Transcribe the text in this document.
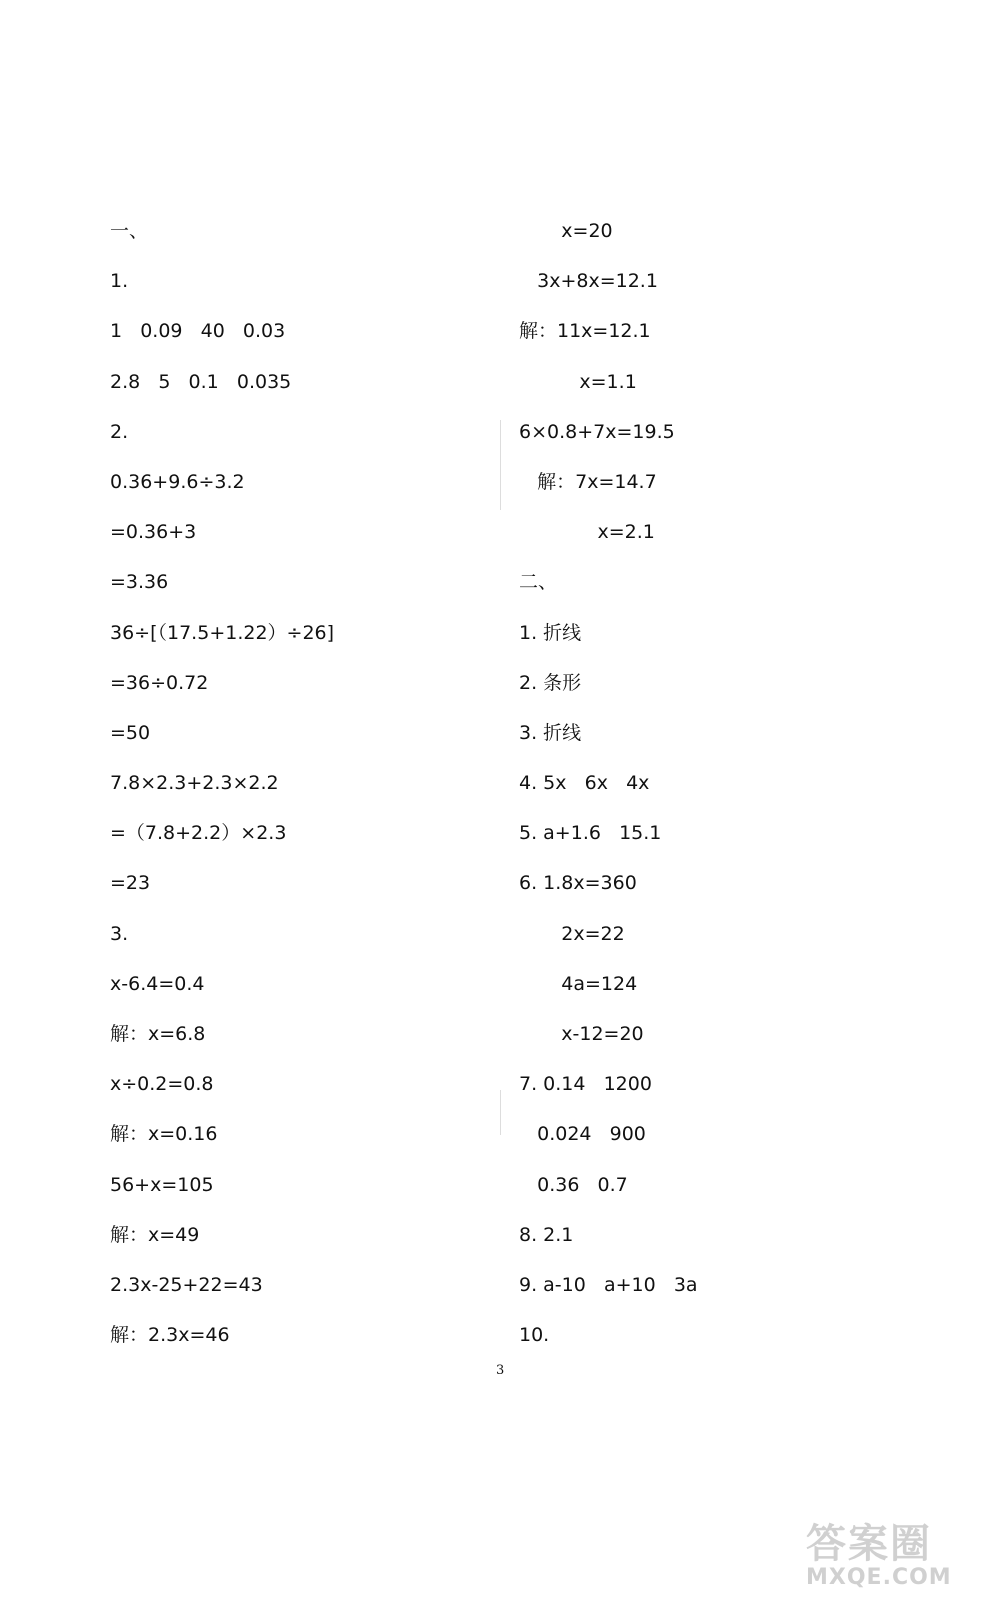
一、
1.
1   0.09   40   0.03
2.8   5   0.1   0.035
2.
0.36+9.6÷3.2
=0.36+3
=3.36
36÷[（17.5+1.22）÷26]
=36÷0.72
=50
7.8×2.3+2.3×2.2
=（7.8+2.2）×2.3
=23
3.
x-6.4=0.4
解：x=6.8
x÷0.2=0.8
解：x=0.16
56+x=105
解：x=49
2.3x-25+22=43
解：2.3x=46
x=20
3x+8x=12.1
解：11x=12.1
x=1.1
6×0.8+7x=19.5
解：7x=14.7
x=2.1
二、
1. 折线
2. 条形
3. 折线
4. 5x   6x   4x
5. a+1.6   15.1
6. 1.8x=360
2x=22
4a=124
x-12=20
7. 0.14   1200
0.024   900
0.36   0.7
8. 2.1
9. a-10   a+10   3a
10.
3
答案圈
MXQE.COM
